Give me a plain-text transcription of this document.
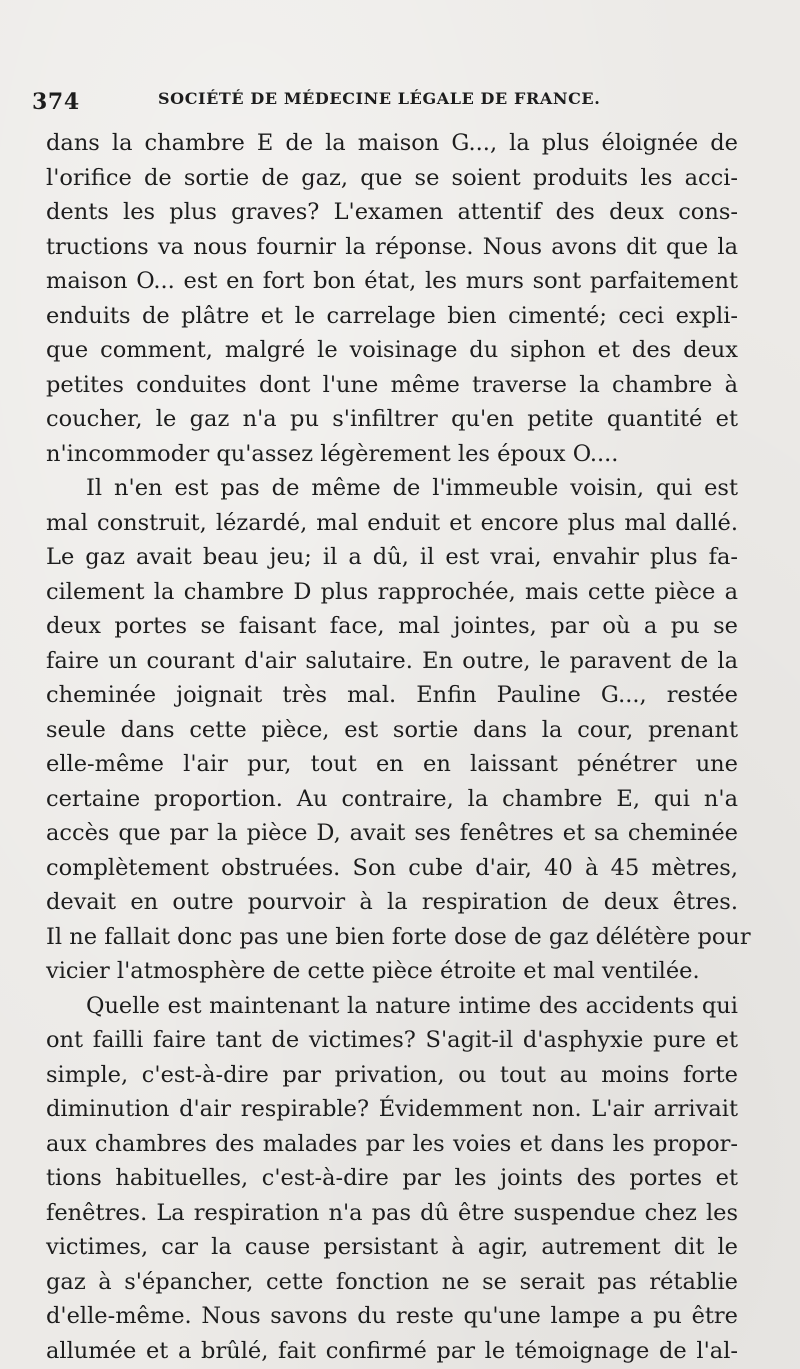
374	SOCIÉTÉ DE MÉDECINE LÉGALE DE FRANCE.
dans la chambre E de la maison G..., la plus éloignée de
l'orifice de sortie de gaz, que se soient produits les acci-
dents les plus graves? L'examen attentif des deux cons-
tructions va nous fournir la réponse. Nous avons dit que la
maison O... est en fort bon état, les murs sont parfaitement
enduits de plâtre et le carrelage bien cimenté; ceci expli-
que comment, malgré le voisinage du siphon et des deux
petites conduites dont l'une même traverse la chambre à
coucher, le gaz n'a pu s'infiltrer qu'en petite quantité et
n'incommoder qu'assez légèrement les époux O....
Il n'en est pas de même de l'immeuble voisin, qui est
mal construit, lézardé, mal enduit et encore plus mal dallé.
Le gaz avait beau jeu; il a dû, il est vrai, envahir plus fa-
cilement la chambre D plus rapprochée, mais cette pièce a
deux portes se faisant face, mal jointes, par où a pu se
faire un courant d'air salutaire. En outre, le paravent de la
cheminée joignait très mal. Enfin Pauline G..., restée
seule dans cette pièce, est sortie dans la cour, prenant
elle-même l'air pur, tout en en laissant pénétrer une
certaine proportion. Au contraire, la chambre E, qui n'a
accès que par la pièce D, avait ses fenêtres et sa cheminée
complètement obstruées. Son cube d'air, 40 à 45 mètres,
devait en outre pourvoir à la respiration de deux êtres.
Il ne fallait donc pas une bien forte dose de gaz délétère pour
vicier l'atmosphère de cette pièce étroite et mal ventilée.
Quelle est maintenant la nature intime des accidents qui
ont failli faire tant de victimes? S'agit-il d'asphyxie pure et
simple, c'est-à-dire par privation, ou tout au moins forte
diminution d'air respirable? Évidemment non. L'air arrivait
aux chambres des malades par les voies et dans les propor-
tions habituelles, c'est-à-dire par les joints des portes et
fenêtres. La respiration n'a pas dû être suspendue chez les
victimes, car la cause persistant à agir, autrement dit le
gaz à s'épancher, cette fonction ne se serait pas rétablie
d'elle-même. Nous savons du reste qu'une lampe a pu être
allumée et a brûlé, fait confirmé par le témoignage de l'al-
